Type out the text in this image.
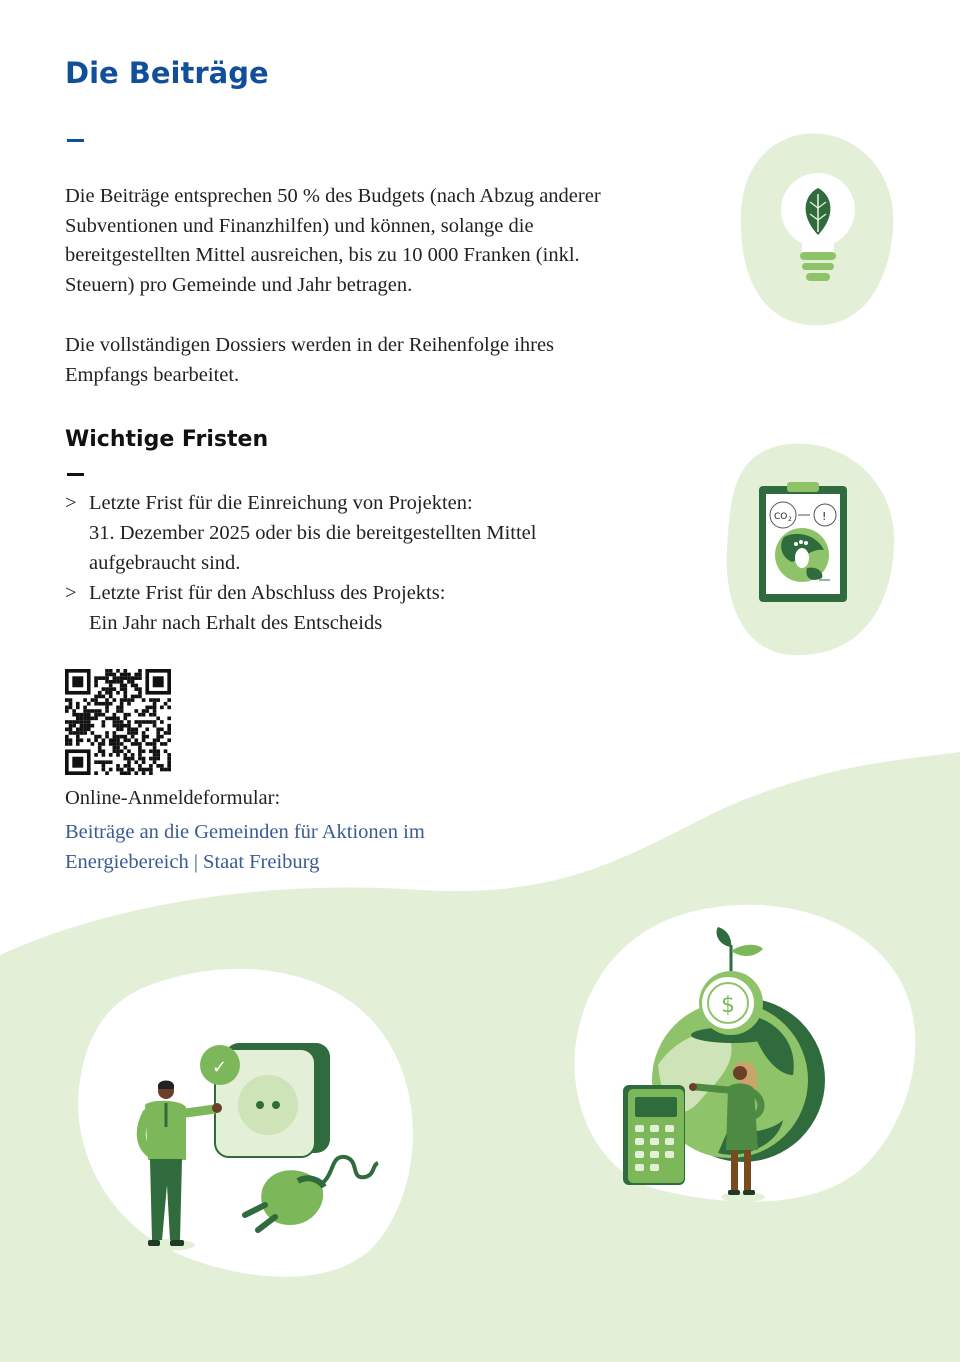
Die Beiträge

Die Beiträge entsprechen 50 % des Budgets (nach Abzug anderer Subventionen und Finanzhilfen) und können, solange die bereitgestellten Mittel ausreichen, bis zu 10 000 Franken (inkl. Steuern) pro Gemeinde und Jahr betragen.

Die vollständigen Dossiers werden in der Reihenfolge ihres Empfangs bearbeitet.

Wichtige Fristen
> Letzte Frist für die Einreichung von Projekten:
31. Dezember 2025 oder bis die bereitgestellten Mittel aufgebraucht sind.
> Letzte Frist für den Abschluss des Projekts:
Ein Jahr nach Erhalt des Entscheids

Online-Anmeldeformular:

Beiträge an die Gemeinden für Aktionen im Energiebereich | Staat Freiburg
CO 2	!
✓
$
